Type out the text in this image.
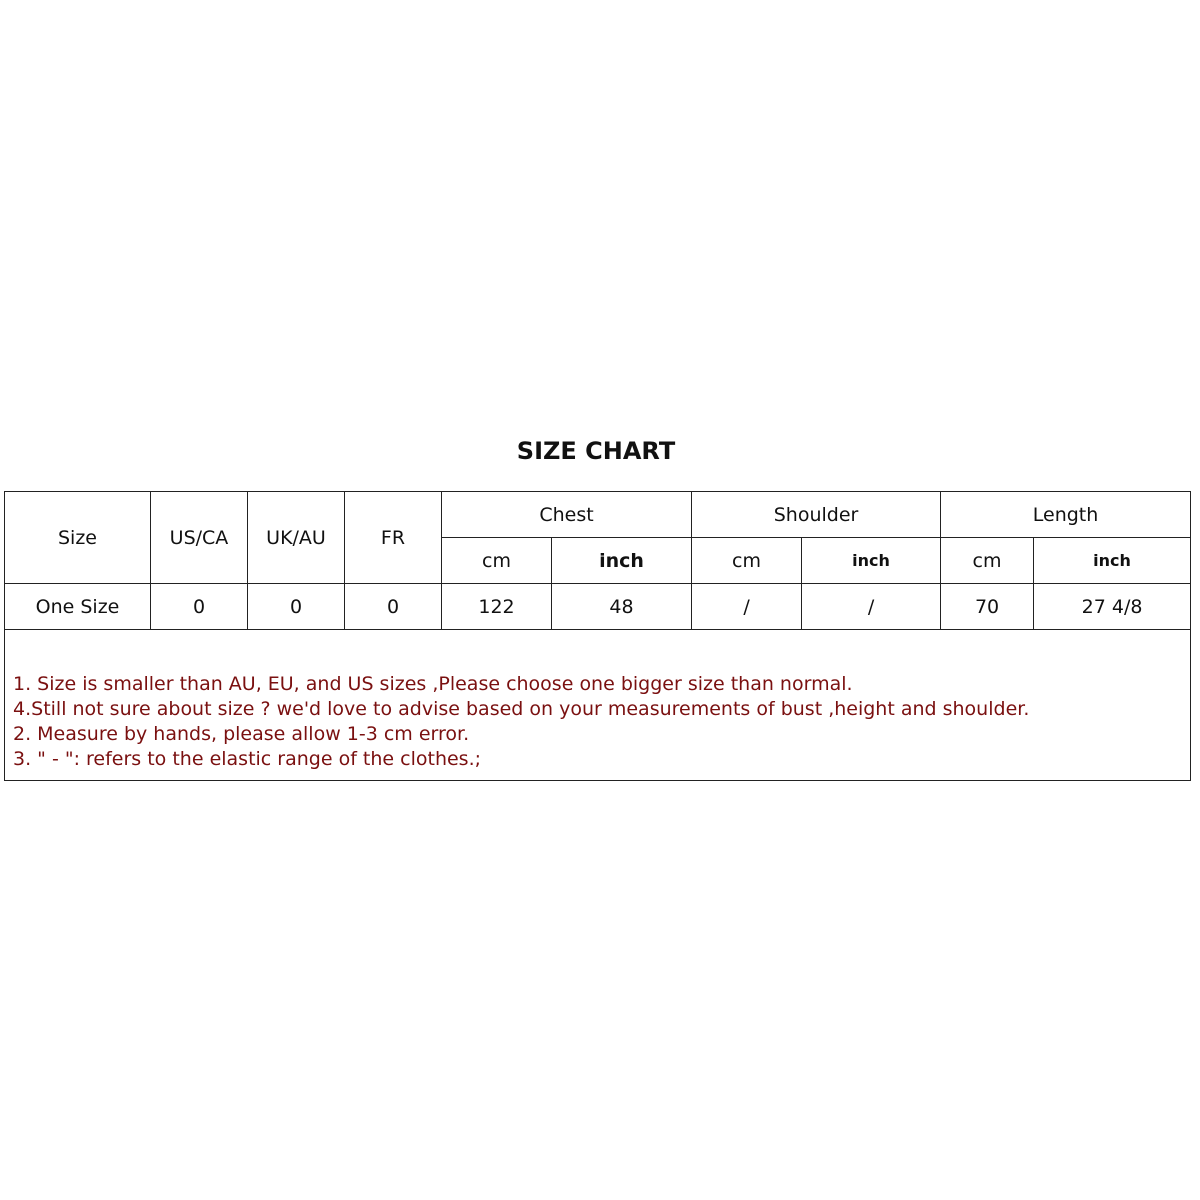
SIZE CHART
Size	US/CA	UK/AU	FR	Chest		Shoulder		Length	
				cm	inch	cm	inch	cm	inch
One Size	0	0	0	122	48	/	/	70	27 4/8

1. Size is smaller than AU, EU, and US sizes ,Please choose one bigger size than normal.
4.Still not sure about size ? we'd love to advise based on your measurements of bust ,height and shoulder.
2. Measure by hands, please allow 1-3 cm error.
3. " - ": refers to the elastic range of the clothes.;									
